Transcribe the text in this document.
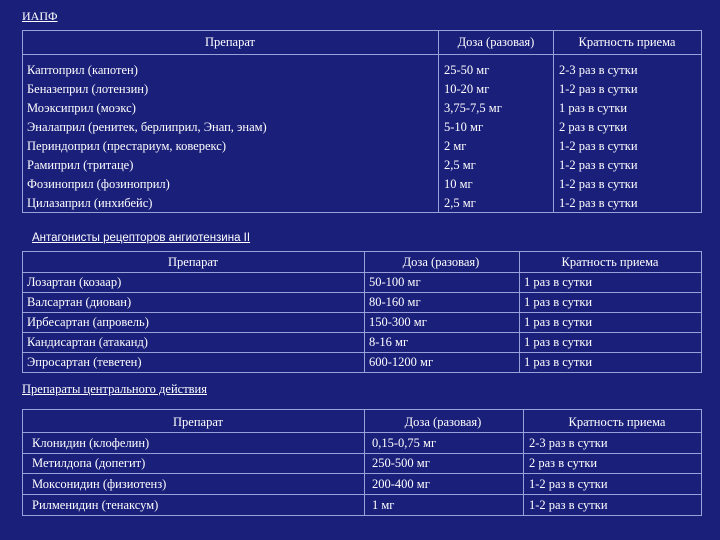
ИАПФ
Антагонисты рецепторов ангиотензина II
Препараты центрального действия
Препарат	Доза (разовая)	Кратность приема
Каптоприл (капотен)	25-50 мг	2-3 раз в сутки
Беназеприл (лотензин)	10-20 мг	1-2 раз в сутки
Моэксиприл (моэкс)	3,75-7,5 мг	1 раз в сутки
Эналаприл (ренитек, берлиприл, Энап, энам)	5-10 мг	2 раз в сутки
Периндоприл (престариум, коверекс)	2 мг	1-2 раз в сутки
Рамиприл (тритаце)	2,5 мг	1-2 раз в сутки
Фозиноприл (фозиноприл)	10 мг	1-2 раз в сутки
Цилазаприл (инхибейс)	2,5 мг	1-2 раз в сутки
Препарат	Доза (разовая)	Кратность приема
Лозартан (козаар)	50-100 мг	1 раз в сутки
Валсартан (диован)	80-160 мг	1 раз в сутки
Ирбесартан (апровель)	150-300 мг	1 раз в сутки
Кандисартан (атаканд)	8-16 мг	1 раз в сутки
Эпросартан (теветен)	600-1200 мг	1 раз в сутки
Препарат	Доза (разовая)	Кратность приема
Клонидин (клофелин)	0,15-0,75 мг	2-3 раз в сутки
Метилдопа (допегит)	250-500 мг	2 раз в сутки
Моксонидин (физиотенз)	200-400 мг	1-2 раз в сутки
Рилменидин (тенаксум)	1 мг	1-2 раз в сутки
